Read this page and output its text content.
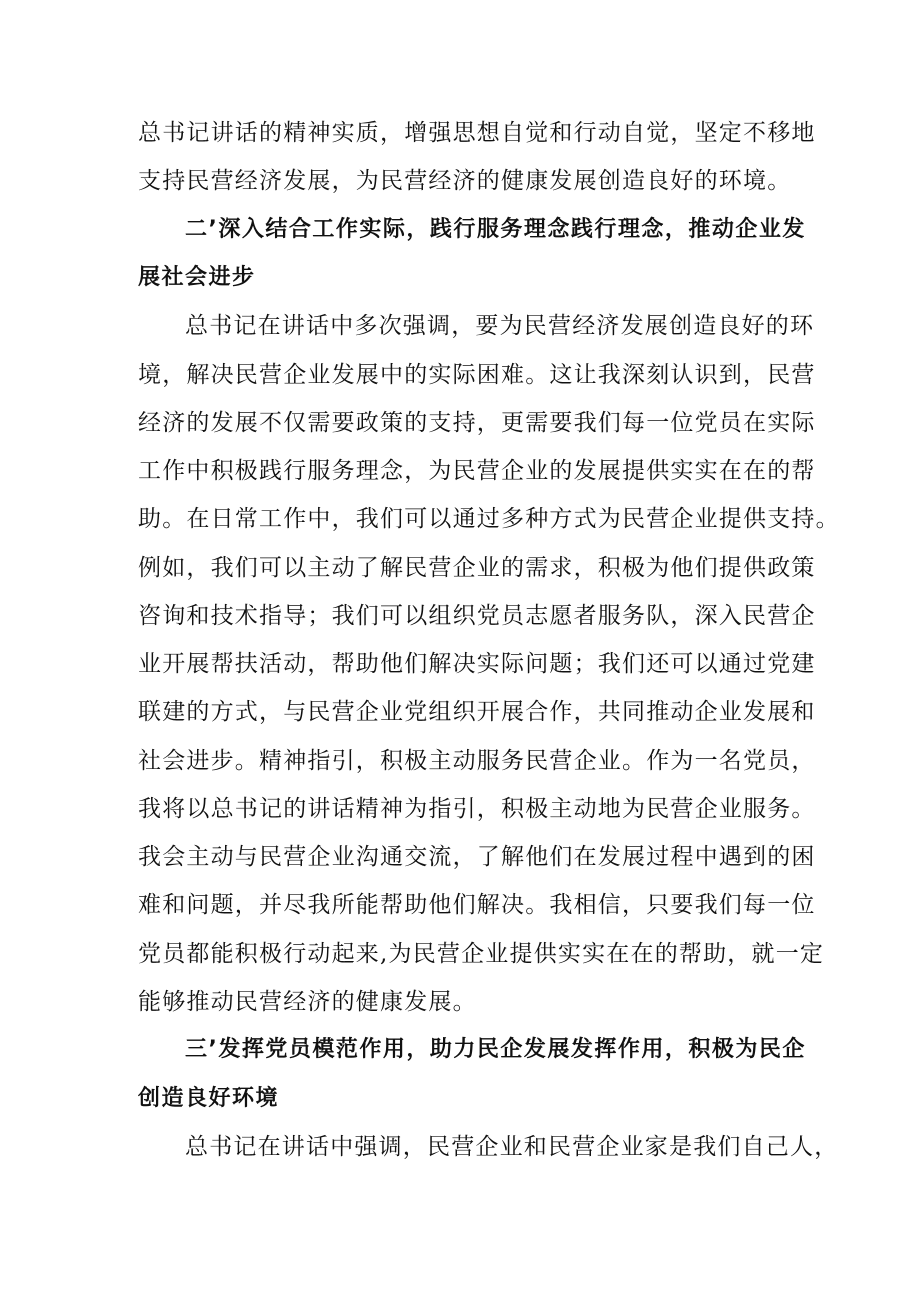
总书记讲话的精神实质，增强思想自觉和行动自觉，坚定不移地
支持民营经济发展，为民营经济的健康发展创造良好的环境。
二’深入结合工作实际，践行服务理念践行理念，推动企业发
展社会进步
总书记在讲话中多次强调，要为民营经济发展创造良好的环
境，解决民营企业发展中的实际困难。这让我深刻认识到，民营
经济的发展不仅需要政策的支持，更需要我们每一位党员在实际
工作中积极践行服务理念，为民营企业的发展提供实实在在的帮
助。在日常工作中，我们可以通过多种方式为民营企业提供支持。
例如，我们可以主动了解民营企业的需求，积极为他们提供政策
咨询和技术指导；我们可以组织党员志愿者服务队，深入民营企
业开展帮扶活动，帮助他们解决实际问题；我们还可以通过党建
联建的方式，与民营企业党组织开展合作，共同推动企业发展和
社会进步。精神指引，积极主动服务民营企业。作为一名党员，
我将以总书记的讲话精神为指引，积极主动地为民营企业服务。
我会主动与民营企业沟通交流，了解他们在发展过程中遇到的困
难和问题，并尽我所能帮助他们解决。我相信，只要我们每一位
党员都能积极行动起来,为民营企业提供实实在在的帮助，就一定
能够推动民营经济的健康发展。
三’发挥党员模范作用，助力民企发展发挥作用，积极为民企
创造良好环境
总书记在讲话中强调，民营企业和民营企业家是我们自己人，
